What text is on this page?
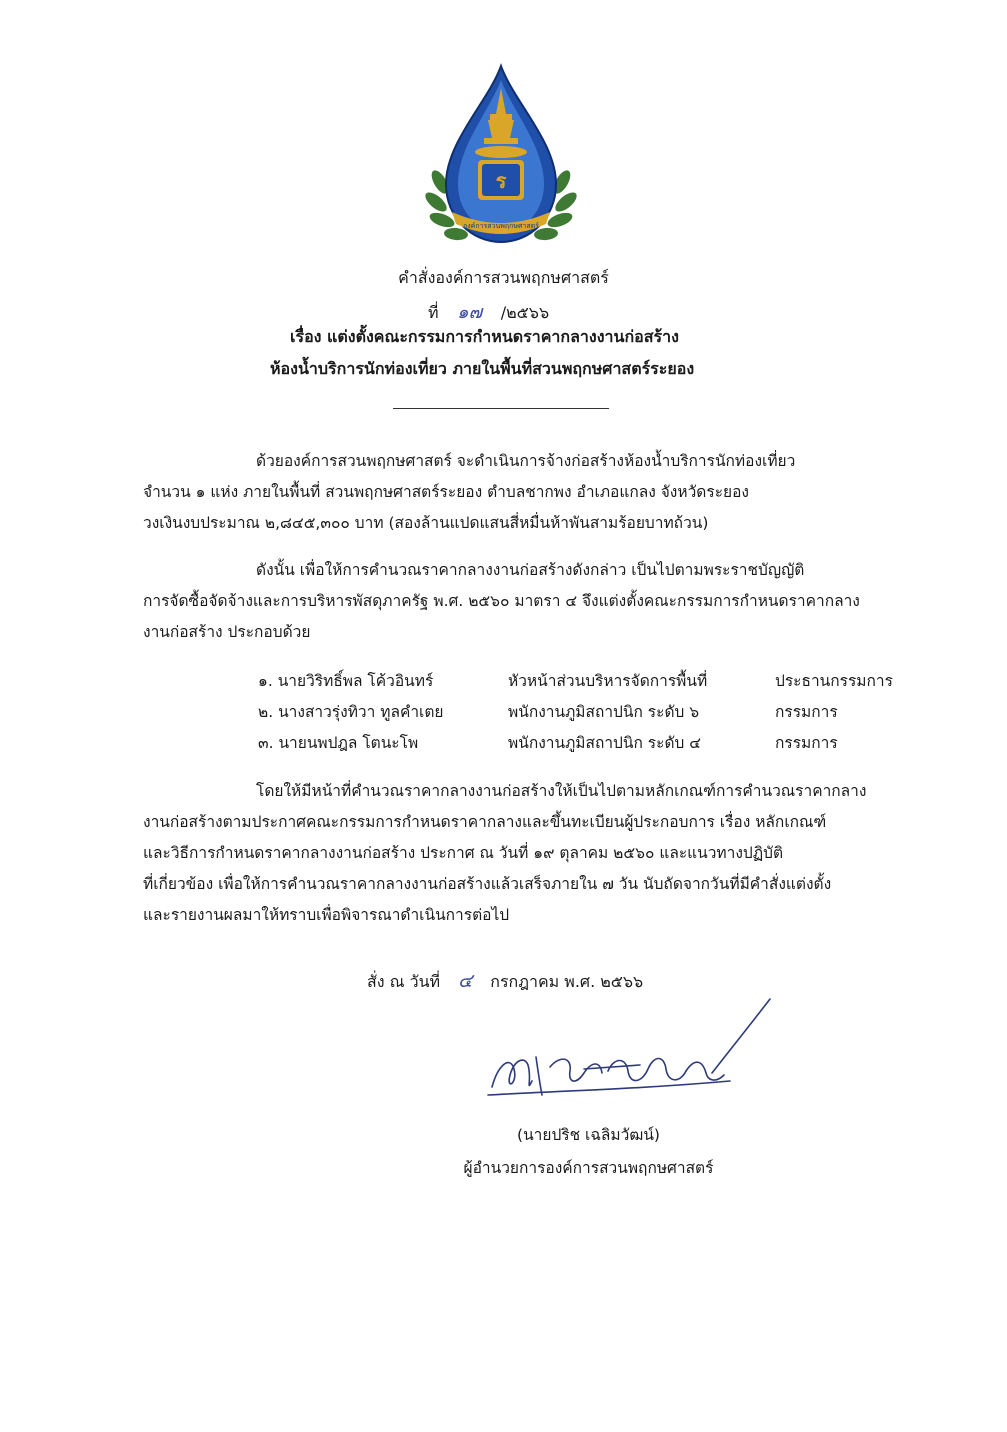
ร
องค์การสวนพฤกษศาสตร์
คำสั่งองค์การสวนพฤกษศาสตร์
ที่ ๑๗ /๒๕๖๖
เรื่อง แต่งตั้งคณะกรรมการกำหนดราคากลางงานก่อสร้าง
ห้องน้ำบริการนักท่องเที่ยว ภายในพื้นที่สวนพฤกษศาสตร์ระยอง
ด้วยองค์การสวนพฤกษศาสตร์ จะดำเนินการจ้างก่อสร้างห้องน้ำบริการนักท่องเที่ยว
จำนวน ๑ แห่ง ภายในพื้นที่ สวนพฤกษศาสตร์ระยอง ตำบลชากพง อำเภอแกลง จังหวัดระยอง
วงเงินงบประมาณ ๒,๘๔๕,๓๐๐ บาท (สองล้านแปดแสนสี่หมื่นห้าพันสามร้อยบาทถ้วน)
ดังนั้น เพื่อให้การคำนวณราคากลางงานก่อสร้างดังกล่าว เป็นไปตามพระราชบัญญัติ
การจัดซื้อจัดจ้างและการบริหารพัสดุภาครัฐ พ.ศ. ๒๕๖๐ มาตรา ๔ จึงแต่งตั้งคณะกรรมการกำหนดราคากลาง
งานก่อสร้าง ประกอบด้วย
๑. นายวิริทธิ์พล โค้วอินทร์	หัวหน้าส่วนบริหารจัดการพื้นที่	ประธานกรรมการ
๒. นางสาวรุ่งทิวา ทูลคำเตย	พนักงานภูมิสถาปนิก ระดับ ๖	กรรมการ
๓. นายนพปฎล โตนะโพ	พนักงานภูมิสถาปนิก ระดับ ๔	กรรมการ
โดยให้มีหน้าที่คำนวณราคากลางงานก่อสร้างให้เป็นไปตามหลักเกณฑ์การคำนวณราคากลาง
งานก่อสร้างตามประกาศคณะกรรมการกำหนดราคากลางและขึ้นทะเบียนผู้ประกอบการ เรื่อง หลักเกณฑ์
และวิธีการกำหนดราคากลางงานก่อสร้าง ประกาศ ณ วันที่ ๑๙ ตุลาคม ๒๕๖๐ และแนวทางปฏิบัติ
ที่เกี่ยวข้อง เพื่อให้การคำนวณราคากลางงานก่อสร้างแล้วเสร็จภายใน ๗ วัน นับถัดจากวันที่มีคำสั่งแต่งตั้ง
และรายงานผลมาให้ทราบเพื่อพิจารณาดำเนินการต่อไป
สั่ง ณ วันที่ ๔ กรกฎาคม พ.ศ. ๒๕๖๖
(นายปริช เฉลิมวัฒน์)
ผู้อำนวยการองค์การสวนพฤกษศาสตร์
